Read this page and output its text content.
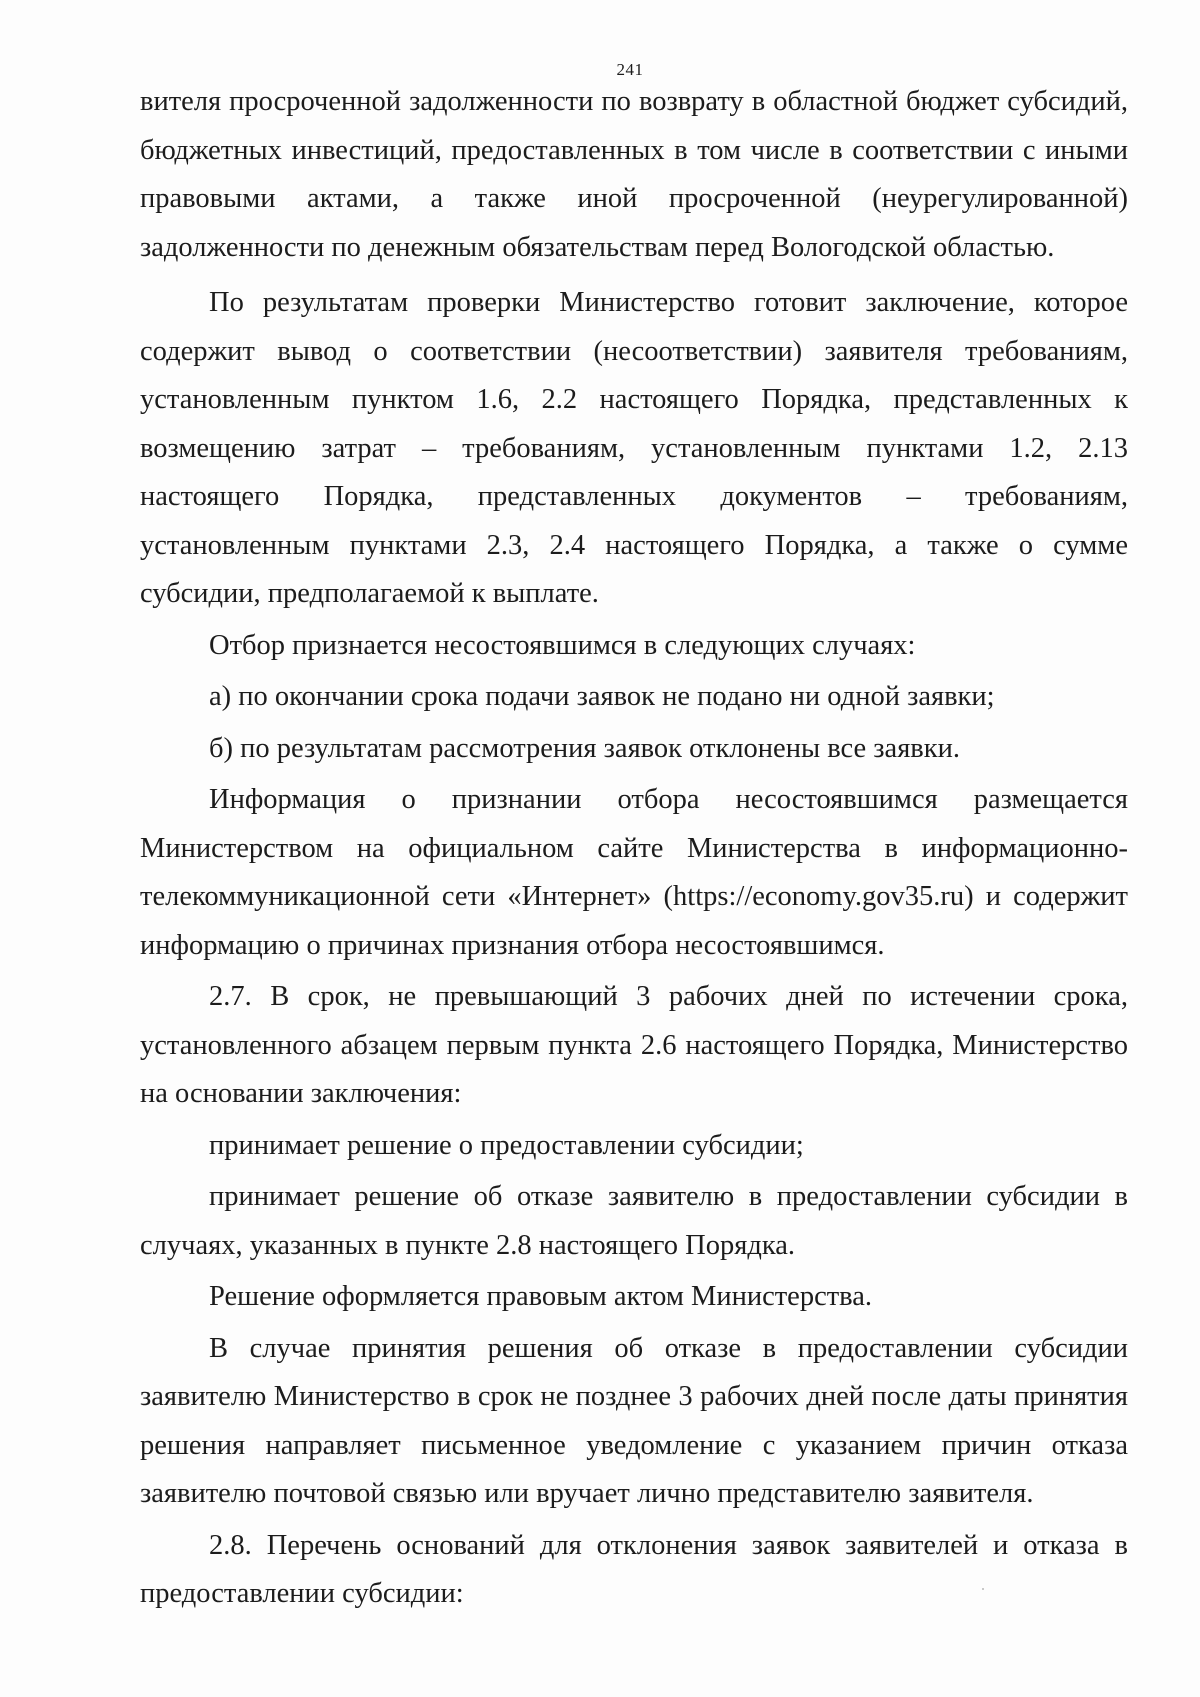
241

вителя просроченной задолженности по возврату в областной бюджет субсидий, бюджетных инвестиций, предоставленных в том числе в соответствии с иными правовыми актами, а также иной просроченной (неурегулированной) задолженности по денежным обязательствам перед Вологодской областью.

По результатам проверки Министерство готовит заключение, которое содержит вывод о соответствии (несоответствии) заявителя требованиям, установленным пунктом 1.6, 2.2 настоящего Порядка, представленных к возмещению затрат – требованиям, установленным пунктами 1.2, 2.13 настоящего Порядка, представленных документов – требованиям, установленным пунктами 2.3, 2.4 настоящего Порядка, а также о сумме субсидии, предполагаемой к выплате.

Отбор признается несостоявшимся в следующих случаях:

а) по окончании срока подачи заявок не подано ни одной заявки;

б) по результатам рассмотрения заявок отклонены все заявки.

Информация о признании отбора несостоявшимся размещается Министерством на официальном сайте Министерства в информационно-телекоммуникационной сети «Интернет» (https://economy.gov35.ru) и содержит информацию о причинах признания отбора несостоявшимся.

2.7. В срок, не превышающий 3 рабочих дней по истечении срока, установленного абзацем первым пункта 2.6 настоящего Порядка, Министерство на основании заключения:

принимает решение о предоставлении субсидии;

принимает решение об отказе заявителю в предоставлении субсидии в случаях, указанных в пункте 2.8 настоящего Порядка.

Решение оформляется правовым актом Министерства.

В случае принятия решения об отказе в предоставлении субсидии заявителю Министерство в срок не позднее 3 рабочих дней после даты принятия решения направляет письменное уведомление с указанием причин отказа заявителю почтовой связью или вручает лично представителю заявителя.

2.8. Перечень оснований для отклонения заявок заявителей и отказа в предоставлении субсидии:
